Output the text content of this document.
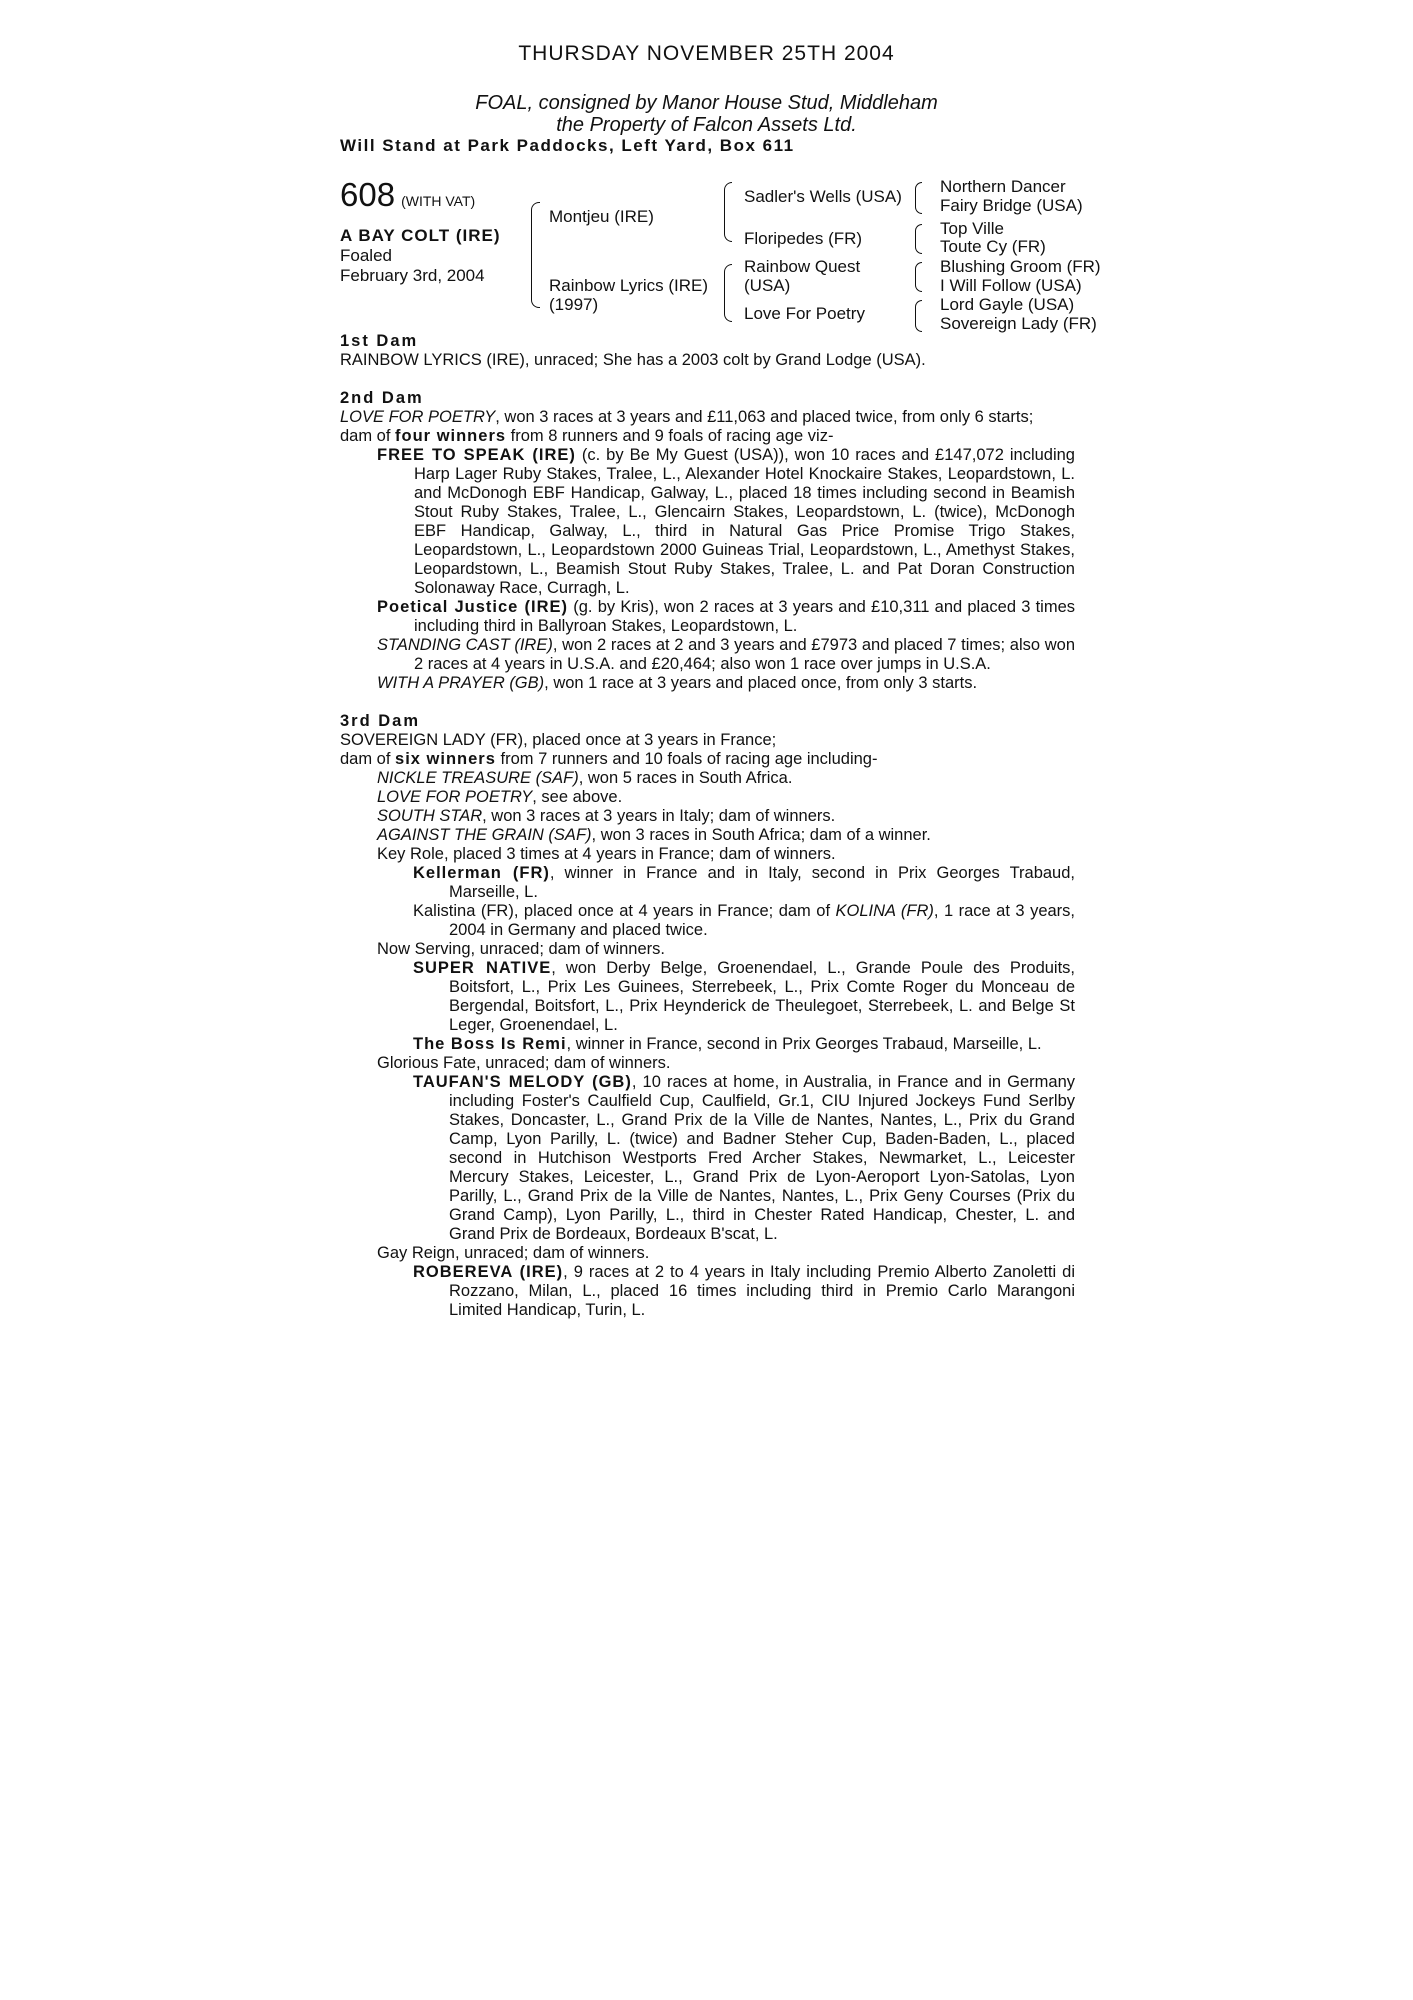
THURSDAY NOVEMBER 25TH 2004
FOAL, consigned by Manor House Stud, Middleham
the Property of Falcon Assets Ltd.
Will Stand at Park Paddocks, Left Yard, Box 611
608 (WITH VAT)
A BAY COLT (IRE)
Foaled
February 3rd, 2004
Montjeu (IRE)
Rainbow Lyrics (IRE)
(1997)
Sadler's Wells (USA)
Floripedes (FR)
Rainbow Quest
(USA)
Love For Poetry
Northern Dancer
Fairy Bridge (USA)
Top Ville
Toute Cy (FR)
Blushing Groom (FR)
I Will Follow (USA)
Lord Gayle (USA)
Sovereign Lady (FR)
1st Dam

RAINBOW LYRICS (IRE), unraced; She has a 2003 colt by Grand Lodge (USA).

2nd Dam

LOVE FOR POETRY, won 3 races at 3 years and £11,063 and placed twice, from only 6 starts;

dam of four winners from 8 runners and 9 foals of racing age viz-

FREE TO SPEAK (IRE) (c. by Be My Guest (USA)), won 10 races and £147,072 including Harp Lager Ruby Stakes, Tralee, L., Alexander Hotel Knockaire Stakes, Leopardstown, L. and McDonogh EBF Handicap, Galway, L., placed 18 times including second in Beamish Stout Ruby Stakes, Tralee, L., Glencairn Stakes, Leopardstown, L. (twice), McDonogh EBF Handicap, Galway, L., third in Natural Gas Price Promise Trigo Stakes, Leopardstown, L., Leopardstown 2000 Guineas Trial, Leopardstown, L., Amethyst Stakes, Leopardstown, L., Beamish Stout Ruby Stakes, Tralee, L. and Pat Doran Construction Solonaway Race, Curragh, L.

Poetical Justice (IRE) (g. by Kris), won 2 races at 3 years and £10,311 and placed 3 times including third in Ballyroan Stakes, Leopardstown, L.

STANDING CAST (IRE), won 2 races at 2 and 3 years and £7973 and placed 7 times; also won 2 races at 4 years in U.S.A. and £20,464; also won 1 race over jumps in U.S.A.

WITH A PRAYER (GB), won 1 race at 3 years and placed once, from only 3 starts.

3rd Dam

SOVEREIGN LADY (FR), placed once at 3 years in France;

dam of six winners from 7 runners and 10 foals of racing age including-

NICKLE TREASURE (SAF), won 5 races in South Africa.

LOVE FOR POETRY, see above.

SOUTH STAR, won 3 races at 3 years in Italy; dam of winners.

AGAINST THE GRAIN (SAF), won 3 races in South Africa; dam of a winner.

Key Role, placed 3 times at 4 years in France; dam of winners.

Kellerman (FR), winner in France and in Italy, second in Prix Georges Trabaud, Marseille, L.

Kalistina (FR), placed once at 4 years in France; dam of KOLINA (FR), 1 race at 3 years, 2004 in Germany and placed twice.

Now Serving, unraced; dam of winners.

SUPER NATIVE, won Derby Belge, Groenendael, L., Grande Poule des Produits, Boitsfort, L., Prix Les Guinees, Sterrebeek, L., Prix Comte Roger du Monceau de Bergendal, Boitsfort, L., Prix Heynderick de Theulegoet, Sterrebeek, L. and Belge St Leger, Groenendael, L.

The Boss Is Remi, winner in France, second in Prix Georges Trabaud, Marseille, L.

Glorious Fate, unraced; dam of winners.

TAUFAN'S MELODY (GB), 10 races at home, in Australia, in France and in Germany including Foster's Caulfield Cup, Caulfield, Gr.1, CIU Injured Jockeys Fund Serlby Stakes, Doncaster, L., Grand Prix de la Ville de Nantes, Nantes, L., Prix du Grand Camp, Lyon Parilly, L. (twice) and Badner Steher Cup, Baden-Baden, L., placed second in Hutchison Westports Fred Archer Stakes, Newmarket, L., Leicester Mercury Stakes, Leicester, L., Grand Prix de Lyon-Aeroport Lyon-Satolas, Lyon Parilly, L., Grand Prix de la Ville de Nantes, Nantes, L., Prix Geny Courses (Prix du Grand Camp), Lyon Parilly, L., third in Chester Rated Handicap, Chester, L. and Grand Prix de Bordeaux, Bordeaux B'scat, L.

Gay Reign, unraced; dam of winners.

ROBEREVA (IRE), 9 races at 2 to 4 years in Italy including Premio Alberto Zanoletti di Rozzano, Milan, L., placed 16 times including third in Premio Carlo Marangoni Limited Handicap, Turin, L.
